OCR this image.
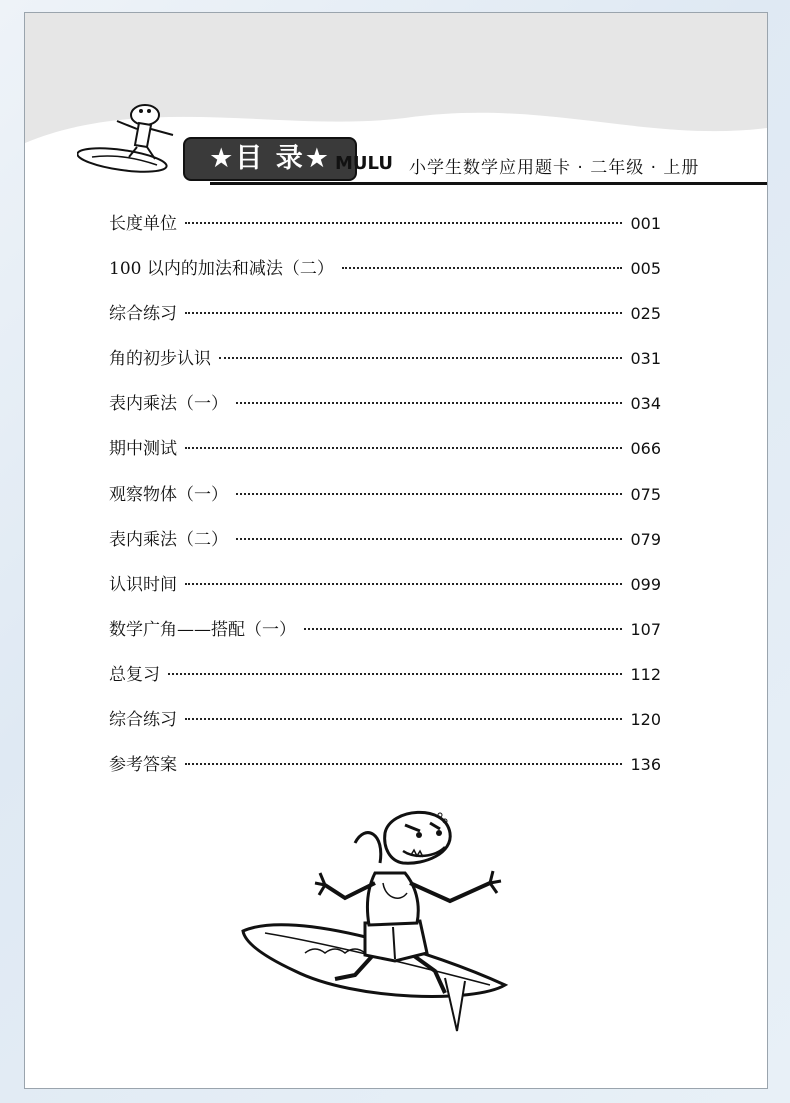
★目 录★ MULU 小学生数学应用题卡 · 二年级 · 上册
长度单位	001
100 以内的加法和减法（二）	005
综合练习	025
角的初步认识	031
表内乘法（一）	034
期中测试	066
观察物体（一）	075
表内乘法（二）	079
认识时间	099
数学广角——搭配（一）	107
总复习	112
综合练习	120
参考答案	136
